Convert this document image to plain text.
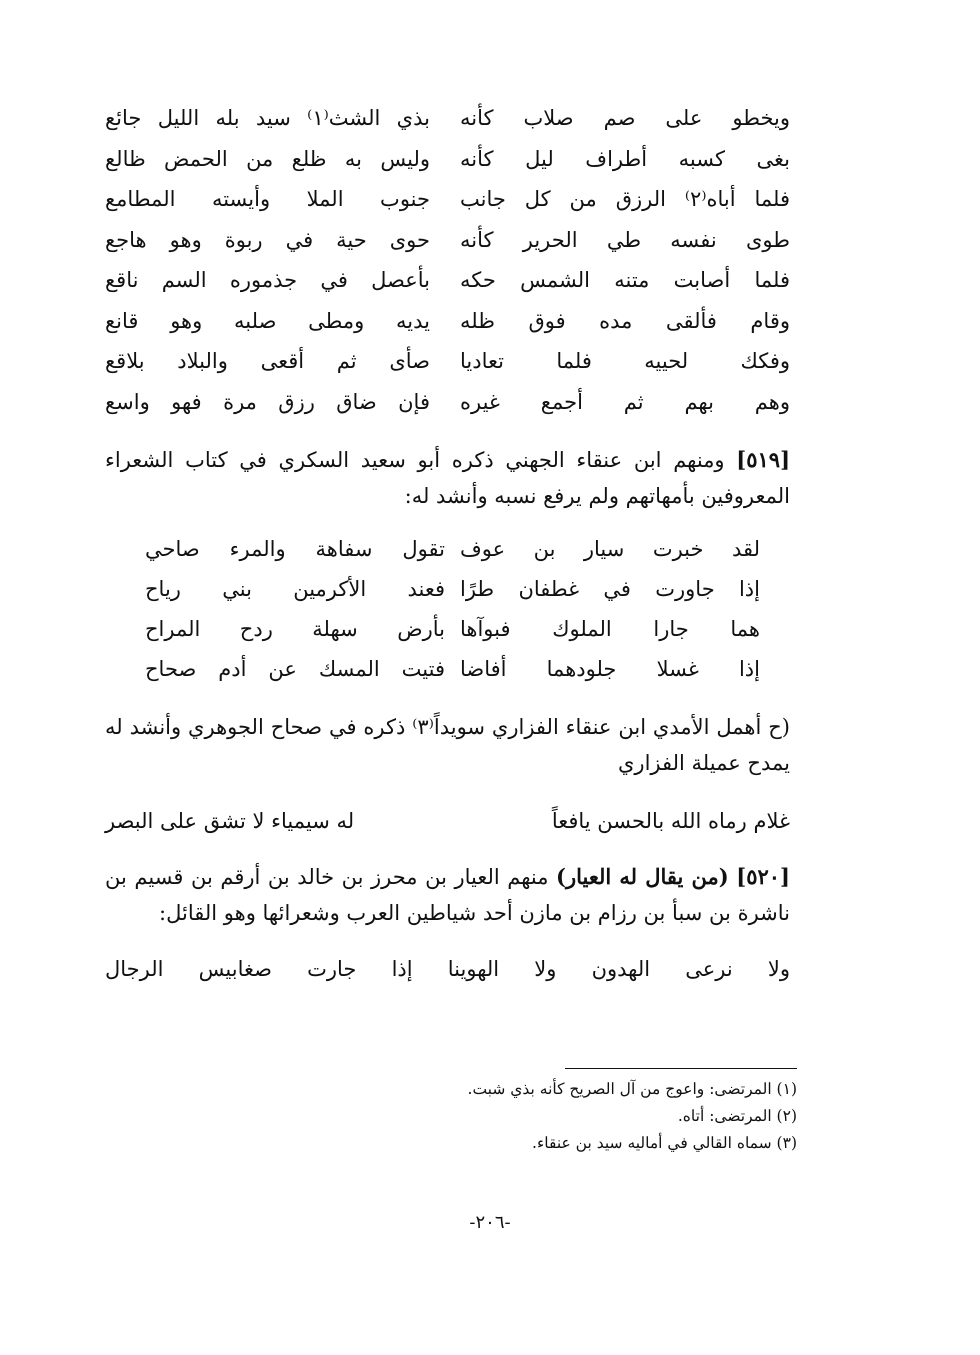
ويخطو على صم صلاب كأنه
بذي الشث⁽١⁾ سيد بله الليل جائع
بغى كسبه أطراف ليل كأنه
وليس به ظلع من الحمض ظالع
فلما أباه⁽٢⁾ الرزق من كل جانب
جنوب الملا وأيسته المطامع
طوى نفسه طي الحرير كأنه
حوى حية في ربوة وهو هاجع
فلما أصابت متنه الشمس حكه
بأعصل في جذموره السم ناقع
وقام فألقى مده فوق ظله
يديه ومطى صلبه وهو قانع
وفكك لحييه فلما تعاديا
صأى ثم أقعى والبلاد بلاقع
وهم بهم ثم أجمع غيره
فإن ضاق رزق مرة فهو واسع

[٥١٩] ومنهم ابن عنقاء الجهني ذكره أبو سعيد السكري في كتاب الشعراء المعروفين بأمهاتهم ولم يرفع نسبه وأنشد له:

لقد خبرت سيار بن عوف
تقول سفاهة والمرء صاحي
إذا جاورت في غطفان طرًا
فعند الأكرمين بني رياح
هما جارا الملوك فبوآها
بأرض سهلة ردح المراح
إذا غسلا جلودهما أفاضا
فتيت المسك عن أدم صحاح

(ح أهمل الأمدي ابن عنقاء الفزاري سويداً⁽٣⁾ ذكره في صحاح الجوهري وأنشد له يمدح عميلة الفزاري

غلام رماه الله بالحسن يافعاً
له سيمياء لا تشق على البصر

[٥٢٠] (من يقال له العيار) منهم العيار بن محرز بن خالد بن أرقم بن قسيم بن ناشرة بن سبأ بن رزام بن مازن أحد شياطين العرب وشعرائها وهو القائل:

ولا نرعى الهدون ولا الهوينا إذا جارت صغابيس الرجال
(١) المرتضى: واعوج من آل الصريح كأنه بذي شبت.
(٢) المرتضى: أتاه.
(٣) سماه القالي في أماليه سيد بن عنقاء.
-٢٠٦-
